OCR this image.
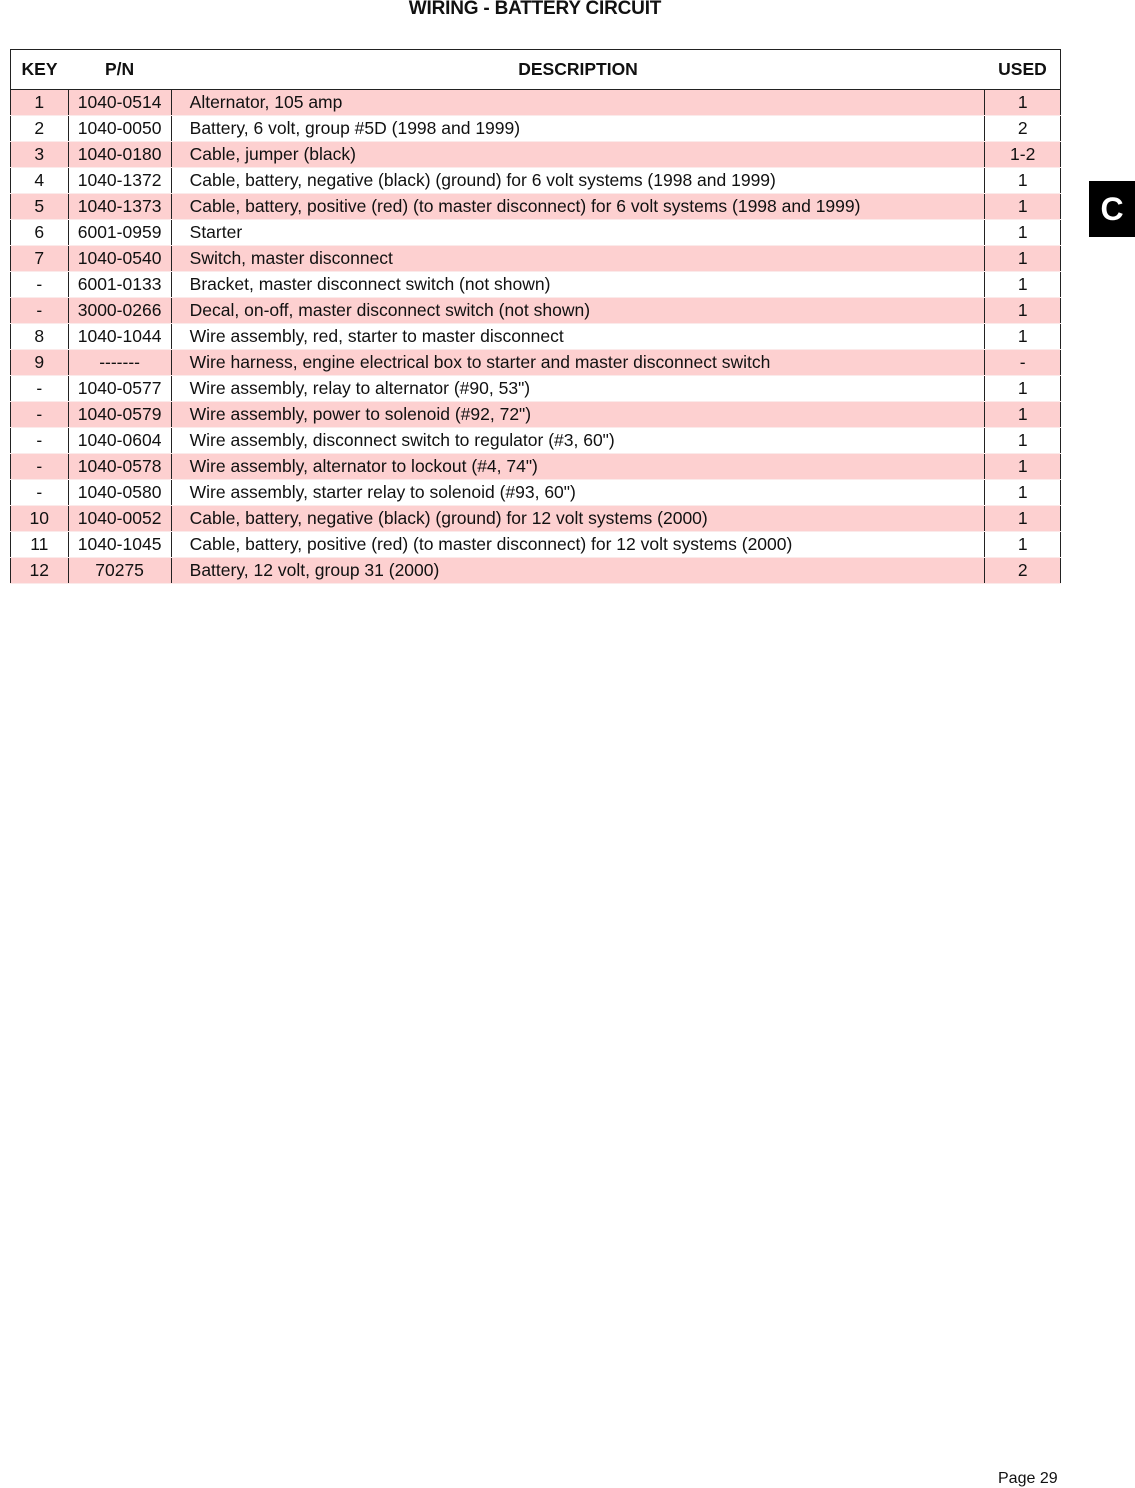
WIRING - BATTERY CIRCUIT
KEY	P/N	DESCRIPTION	USED
1	1040-0514	Alternator, 105 amp	1
2	1040-0050	Battery, 6 volt, group #5D (1998 and 1999)	2
3	1040-0180	Cable, jumper (black)	1-2
4	1040-1372	Cable, battery, negative (black) (ground) for 6 volt systems (1998 and 1999)	1
5	1040-1373	Cable, battery, positive (red) (to master disconnect) for 6 volt systems (1998 and 1999)	1
6	6001-0959	Starter	1
7	1040-0540	Switch, master disconnect	1
-	6001-0133	Bracket, master disconnect switch (not shown)	1
-	3000-0266	Decal, on-off, master disconnect switch (not shown)	1
8	1040-1044	Wire assembly, red, starter to master disconnect	1
9	-------	Wire harness, engine electrical box to starter and master disconnect switch	-
-	1040-0577	Wire assembly, relay to alternator (#90, 53")	1
-	1040-0579	Wire assembly, power to solenoid (#92, 72")	1
-	1040-0604	Wire assembly, disconnect switch to regulator (#3, 60")	1
-	1040-0578	Wire assembly, alternator to lockout (#4, 74")	1
-	1040-0580	Wire assembly, starter relay to solenoid (#93, 60")	1
10	1040-0052	Cable, battery, negative (black) (ground) for 12 volt systems (2000)	1
11	1040-1045	Cable, battery, positive (red) (to master disconnect) for 12 volt systems (2000)	1
12	70275	Battery, 12 volt, group 31 (2000)	2
C
Page 29
